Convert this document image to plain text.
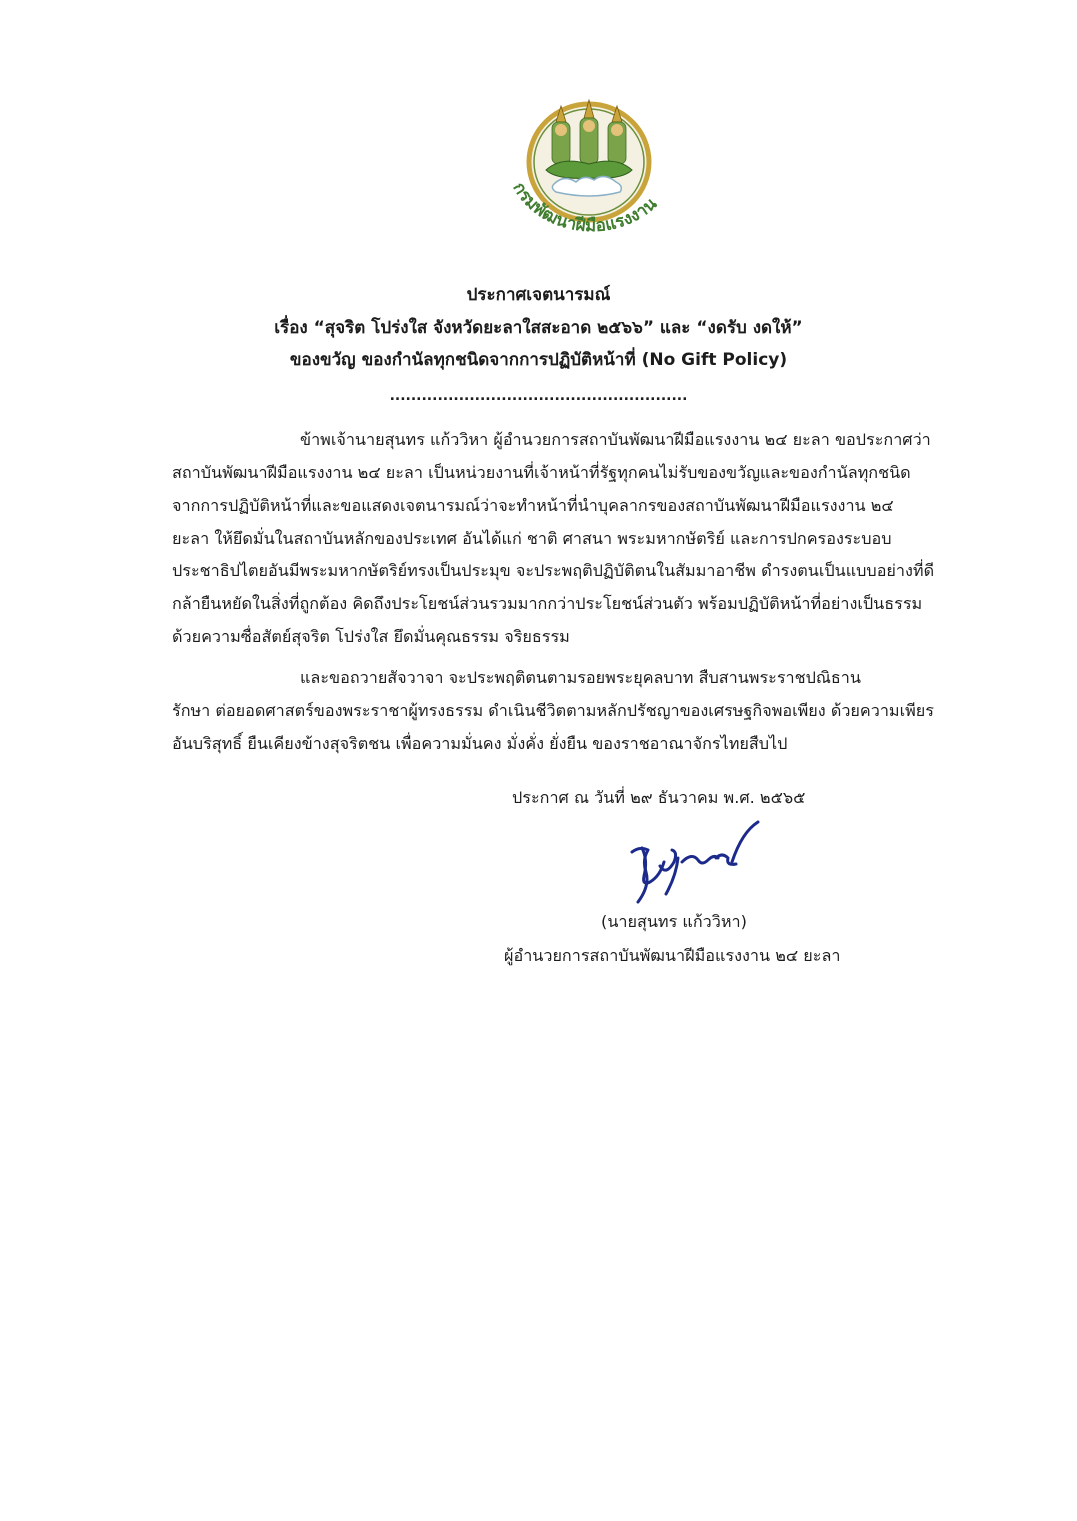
กรมพัฒนาฝีมือแรงงาน
ประกาศเจตนารมณ์
เรื่อง “สุจริต โปร่งใส จังหวัดยะลาใสสะอาด ๒๕๖๖” และ “งดรับ งดให้”
ของขวัญ ของกำนัลทุกชนิดจากการปฏิบัติหน้าที่ (No Gift Policy)
........................................................
ข้าพเจ้านายสุนทร แก้ววิหา ผู้อำนวยการสถาบันพัฒนาฝีมือแรงงาน ๒๔ ยะลา ขอประกาศว่า
สถาบันพัฒนาฝีมือแรงงาน ๒๔ ยะลา เป็นหน่วยงานที่เจ้าหน้าที่รัฐทุกคนไม่รับของขวัญและของกำนัลทุกชนิด
จากการปฏิบัติหน้าที่และขอแสดงเจตนารมณ์ว่าจะทำหน้าที่นำบุคลากรของสถาบันพัฒนาฝีมือแรงงาน ๒๔
ยะลา ให้ยึดมั่นในสถาบันหลักของประเทศ อันได้แก่ ชาติ ศาสนา พระมหากษัตริย์ และการปกครองระบอบ
ประชาธิปไตยอันมีพระมหากษัตริย์ทรงเป็นประมุข จะประพฤติปฏิบัติตนในสัมมาอาชีพ ดำรงตนเป็นแบบอย่างที่ดี
กล้ายืนหยัดในสิ่งที่ถูกต้อง คิดถึงประโยชน์ส่วนรวมมากกว่าประโยชน์ส่วนตัว พร้อมปฏิบัติหน้าที่อย่างเป็นธรรม
ด้วยความซื่อสัตย์สุจริต โปร่งใส ยึดมั่นคุณธรรม จริยธรรม
และขอถวายสัจวาจา จะประพฤติตนตามรอยพระยุคลบาท สืบสานพระราชปณิธาน
รักษา ต่อยอดศาสตร์ของพระราชาผู้ทรงธรรม ดำเนินชีวิตตามหลักปรัชญาของเศรษฐกิจพอเพียง ด้วยความเพียร
อันบริสุทธิ์ ยืนเคียงข้างสุจริตชน เพื่อความมั่นคง มั่งคั่ง ยั่งยืน ของราชอาณาจักรไทยสืบไป
ประกาศ ณ วันที่ ๒๙ ธันวาคม พ.ศ. ๒๕๖๕
(นายสุนทร แก้ววิหา)
ผู้อำนวยการสถาบันพัฒนาฝีมือแรงงาน ๒๔ ยะลา
